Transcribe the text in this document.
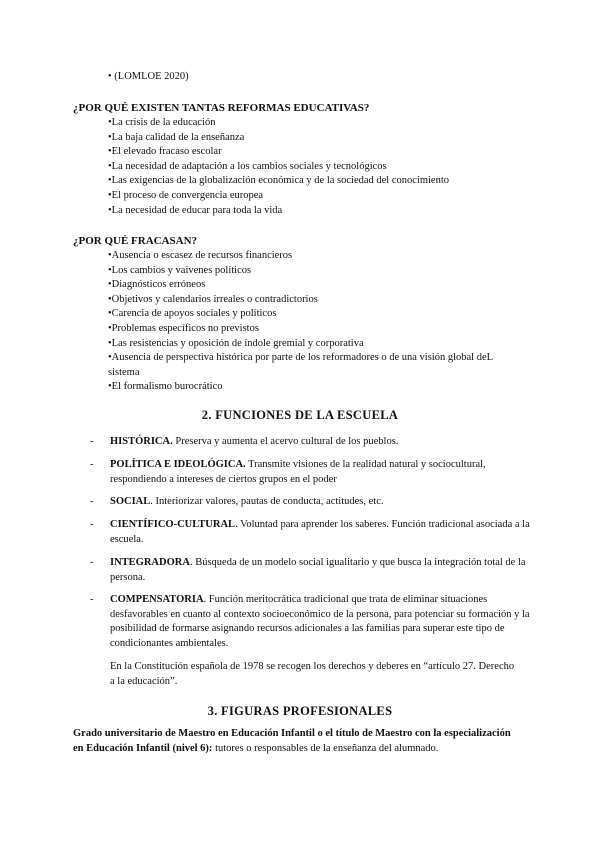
• (LOMLOE 2020)
¿POR QUÉ EXISTEN TANTAS REFORMAS EDUCATIVAS?
•La crisis de la educación
•La baja calidad de la enseñanza
•El elevado fracaso escolar
•La necesidad de adaptación a los cambios sociales y tecnológicos
•Las exigencias de la globalización económica y de la sociedad del conocimiento
•El proceso de convergencia europea
•La necesidad de educar para toda la vida
¿POR QUÉ FRACASAN?
•Ausencia o escasez de recursos financieros
•Los cambios y vaivenes políticos
•Diagnósticos erróneos
•Objetivos y calendarios irreales o contradictorios
•Carencia de apoyos sociales y políticos
•Problemas específicos no previstos
•Las resistencias y oposición de índole gremial y corporativa
•Ausencia de perspectiva histórica por parte de los reformadores o de una visión global deL sistema
•El formalismo burocrático
2. FUNCIONES DE LA ESCUELA
- HISTÓRICA. Preserva y aumenta el acervo cultural de los pueblos.
- POLÍTICA E IDEOLÓGICA. Transmite visiones de la realidad natural y sociocultural, respondiendo a intereses de ciertos grupos en el poder
- SOCIAL. Interiorizar valores, pautas de conducta, actitudes, etc.
- CIENTÍFICO-CULTURAL. Voluntad para aprender los saberes. Función tradicional asociada a la escuela.
- INTEGRADORA. Búsqueda de un modelo social igualitario y que busca la integración total de la persona.
- COMPENSATORIA. Función meritocrática tradicional que trata de eliminar situaciones desfavorables en cuanto al contexto socioeconómico de la persona, para potenciar su formación y la posibilidad de formarse asignando recursos adicionales a las familias para superar este tipo de condicionantes ambientales.
En la Constitución española de 1978 se recogen los derechos y deberes en “artículo 27. Derecho a la educación”.
3. FIGURAS PROFESIONALES
Grado universitario de Maestro en Educación Infantil o el título de Maestro con la especialización en Educación Infantil (nivel 6): tutores o responsables de la enseñanza del alumnado.
